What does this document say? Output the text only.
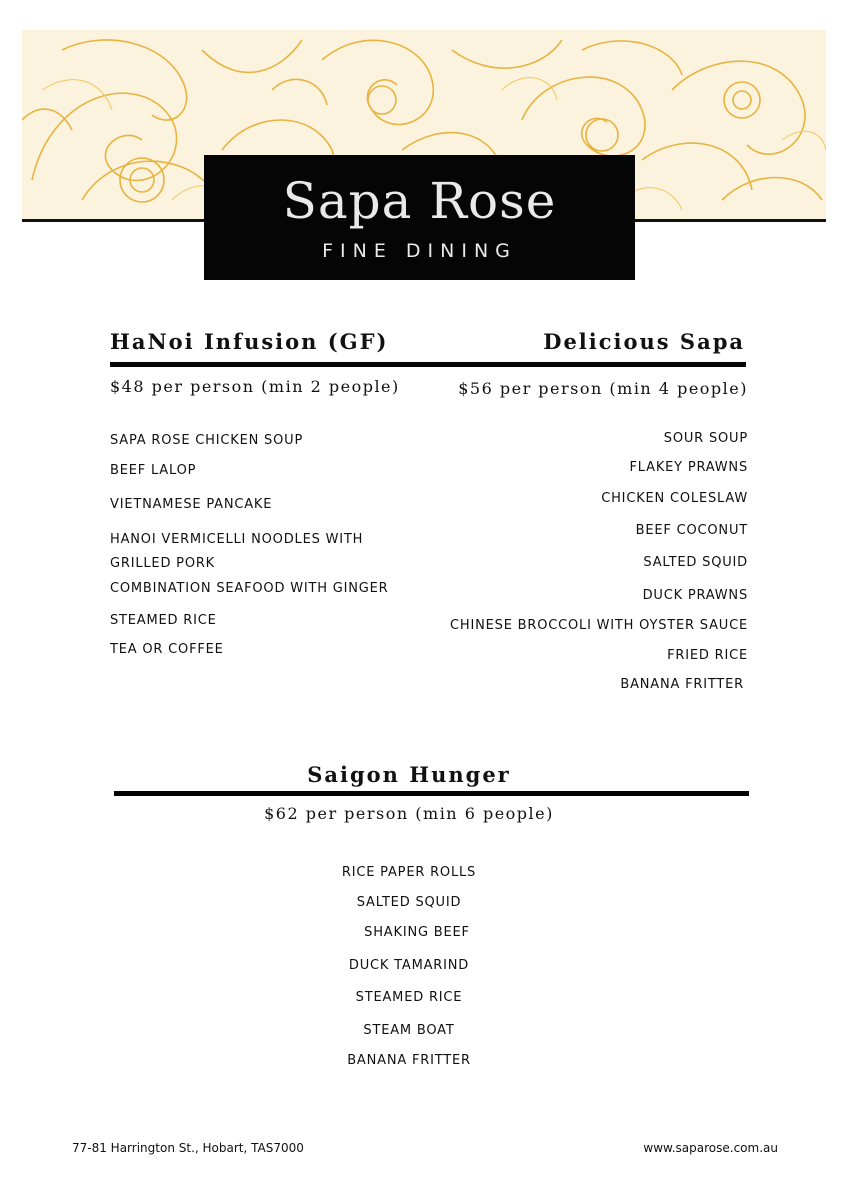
Sapa Rose
FINE DINING
HaNoi Infusion (GF)
$48 per person (min 2 people)
Delicious Sapa
$56 per person (min 4 people)
SAPA ROSE CHICKEN SOUP
BEEF LALOP
VIETNAMESE PANCAKE
HANOI VERMICELLI NOODLES WITH
GRILLED PORK
COMBINATION SEAFOOD WITH GINGER
STEAMED RICE
TEA OR COFFEE
SOUR SOUP
FLAKEY PRAWNS
CHICKEN COLESLAW
BEEF COCONUT
SALTED SQUID
DUCK PRAWNS
CHINESE BROCCOLI WITH OYSTER SAUCE
FRIED RICE
BANANA FRITTER
Saigon Hunger
$62 per person (min 6 people)
RICE PAPER ROLLS
SALTED SQUID
SHAKING BEEF
DUCK TAMARIND
STEAMED RICE
STEAM BOAT
BANANA FRITTER
77-81 Harrington St., Hobart, TAS7000	www.saparose.com.au
